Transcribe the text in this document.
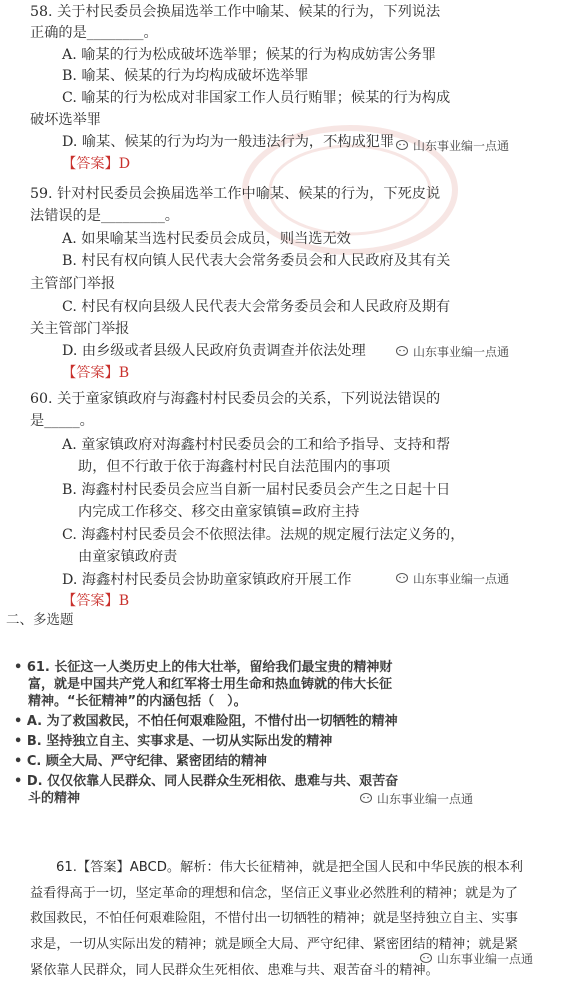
58. 关于村民委员会换届选举工作中喻某、候某的行为，下列说法
正确的是________。
A. 喻某的行为松成破坏选举罪；候某的行为构成妨害公务罪
B. 喻某、候某的行为均构成破坏选举罪
C. 喻某的行为松成对非国家工作人员行贿罪；候某的行为构成
破坏选举罪
D. 喻某、候某的行为均为一般违法行为，不构成犯罪
【答案】D
山东事业编一点通
59. 针对村民委员会换届选举工作中喻某、候某的行为，下死皮说
法错误的是_________。
A. 如果喻某当选村民委员会成员，则当选无效
B. 村民有权向镇人民代表大会常务委员会和人民政府及其有关
主管部门举报
C. 村民有权向县级人民代表大会常务委员会和人民政府及期有
关主管部门举报
D. 由乡级或者县级人民政府负责调查并依法处理
【答案】B
山东事业编一点通
60. 关于童家镇政府与海鑫村村民委员会的关系，下列说法错误的
是_____。
A. 童家镇政府对海鑫村村民委员会的工和给予指导、支持和帮
助，但不行敢于依于海鑫村村民自法范围内的事项
B. 海鑫村村民委员会应当自新一届村民委员会产生之日起十日
内完成工作移交、移交由童家镇镇=政府主持
C. 海鑫村村民委员会不依照法律。法规的规定履行法定义务的，
由童家镇政府责
D. 海鑫村村民委员会协助童家镇政府开展工作
【答案】B
山东事业编一点通
二、多选题
• 61. 长征这一人类历史上的伟大壮举，留给我们最宝贵的精神财
富，就是中国共产党人和红军将士用生命和热血铸就的伟大长征
精神。“长征精神”的内涵包括（　）。
• A. 为了救国救民，不怕任何艰难险阻，不惜付出一切牺牲的精神
• B. 坚持独立自主、实事求是、一切从实际出发的精神
• C. 顾全大局、严守纪律、紧密团结的精神
• D. 仅仅依靠人民群众、同人民群众生死相依、患难与共、艰苦奋
斗的精神	山东事业编一点通
61.【答案】ABCD。解析：伟大长征精神，就是把全国人民和中华民族的根本利
益看得高于一切，坚定革命的理想和信念，坚信正义事业必然胜利的精神；就是为了
救国救民，不怕任何艰难险阻，不惜付出一切牺牲的精神；就是坚持独立自主、实事
求是，一切从实际出发的精神；就是顾全大局、严守纪律、紧密团结的精神；就是紧
紧依靠人民群众，同人民群众生死相依、患难与共、艰苦奋斗的精神。
山东事业编一点通
